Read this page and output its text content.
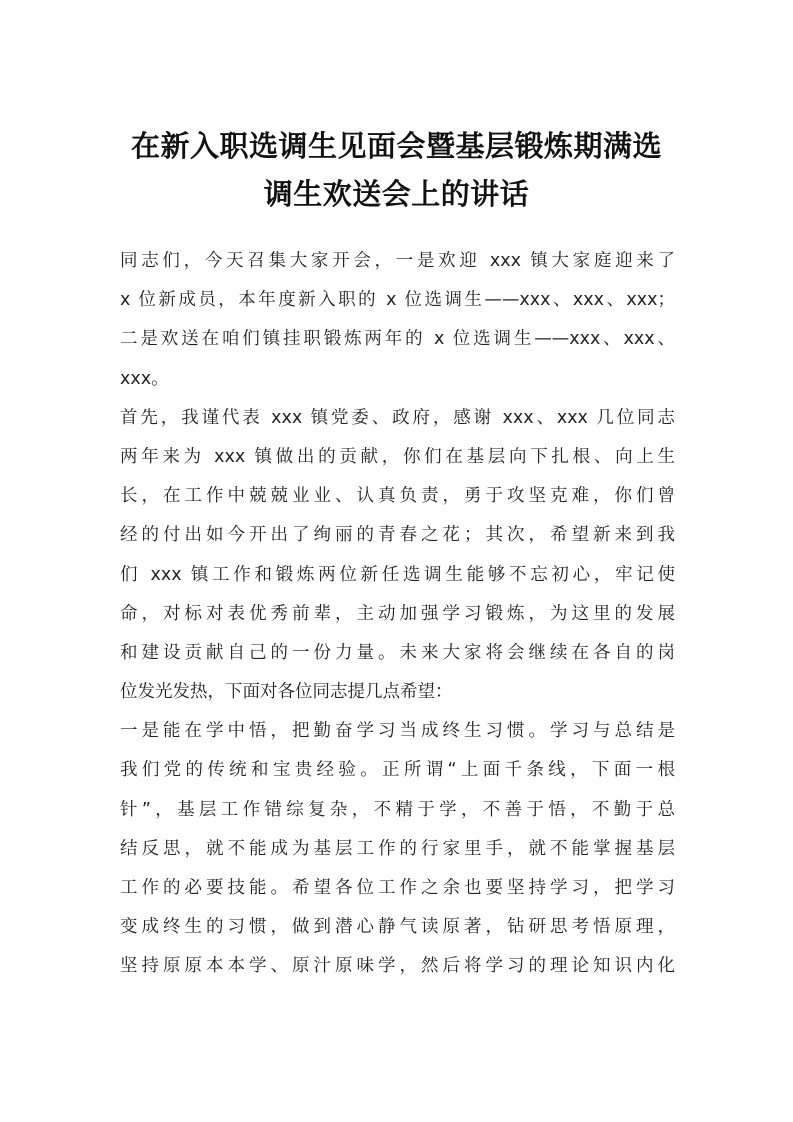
在新入职选调生见面会暨基层锻炼期满选
调生欢送会上的讲话
同志们，今天召集大家开会，一是欢迎 xxx 镇大家庭迎来了
x 位新成员，本年度新入职的 x 位选调生——xxx、xxx、xxx；
二是欢送在咱们镇挂职锻炼两年的 x 位选调生——xxx、xxx、
xxx。
首先，我谨代表 xxx 镇党委、政府，感谢 xxx、xxx 几位同志
两年来为 xxx 镇做出的贡献，你们在基层向下扎根、向上生
长，在工作中兢兢业业、认真负责，勇于攻坚克难，你们曾
经的付出如今开出了绚丽的青春之花；其次，希望新来到我
们 xxx 镇工作和锻炼两位新任选调生能够不忘初心，牢记使
命，对标对表优秀前辈，主动加强学习锻炼，为这里的发展
和建设贡献自己的一份力量。未来大家将会继续在各自的岗
位发光发热，下面对各位同志提几点希望：
一是能在学中悟，把勤奋学习当成终生习惯。学习与总结是
我们党的传统和宝贵经验。正所谓“上面千条线，下面一根
针”，基层工作错综复杂，不精于学，不善于悟，不勤于总
结反思，就不能成为基层工作的行家里手，就不能掌握基层
工作的必要技能。希望各位工作之余也要坚持学习，把学习
变成终生的习惯，做到潜心静气读原著，钻研思考悟原理，
坚持原原本本学、原汁原味学，然后将学习的理论知识内化
